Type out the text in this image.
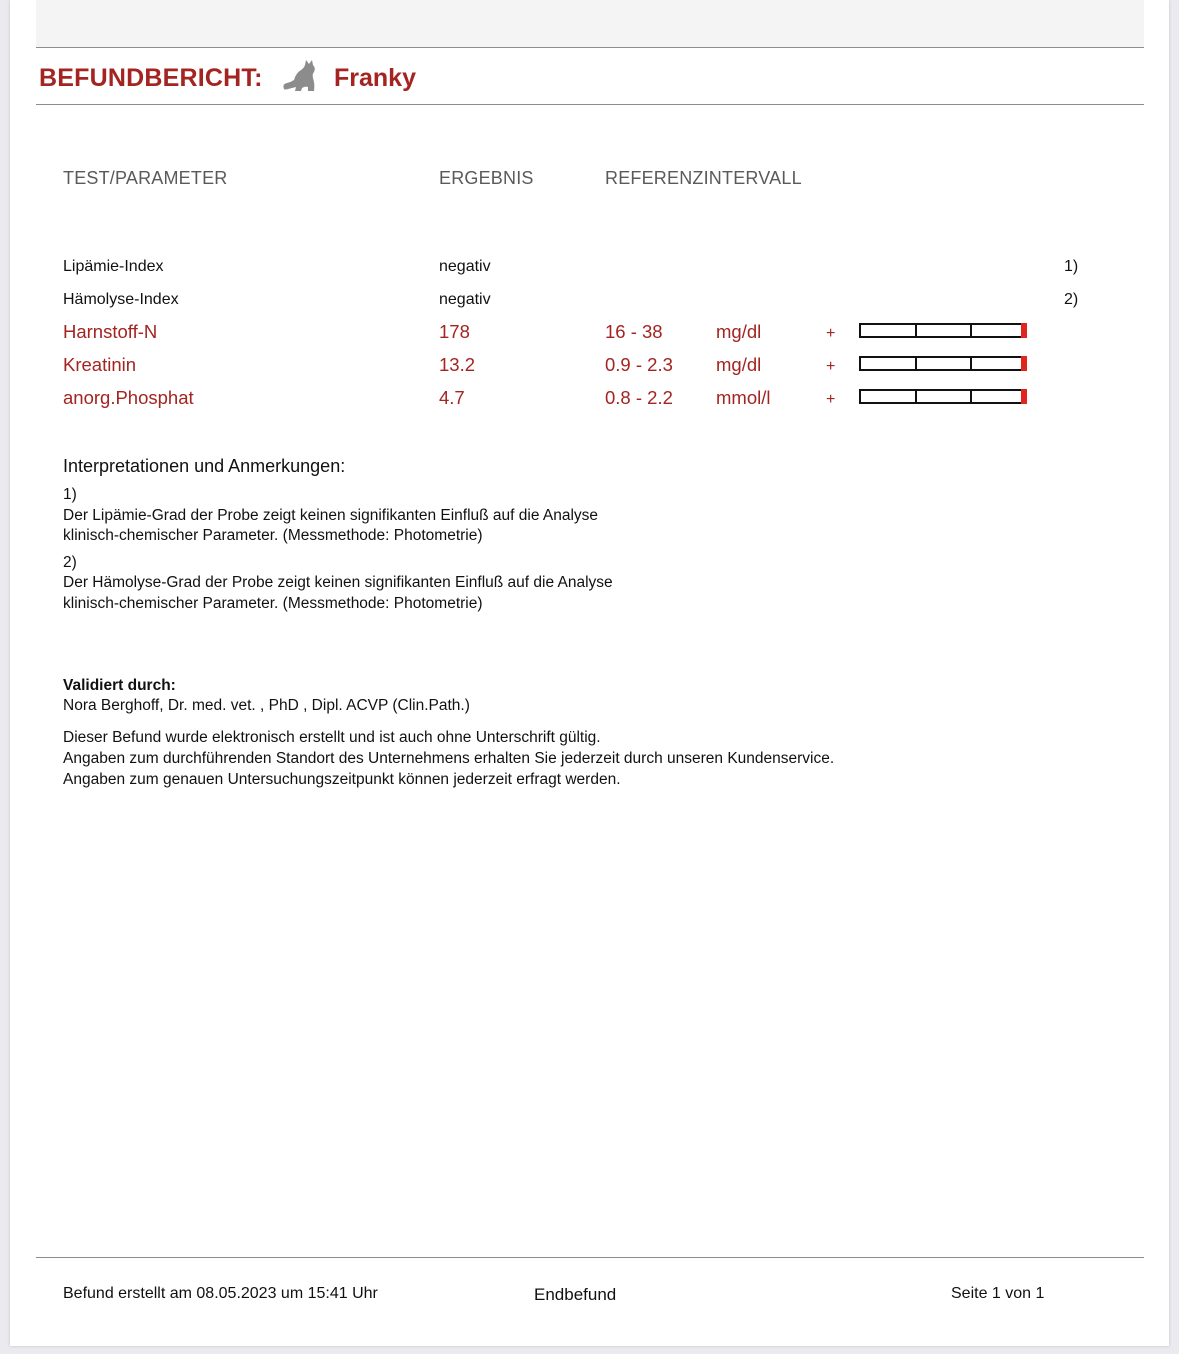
BEFUNDBERICHT:	Franky
TEST/PARAMETER	ERGEBNIS	REFERENZINTERVALL
Lipämie-Index	negativ	1)
Hämolyse-Index	negativ	2)
Harnstoff-N	178	16 - 38	mg/dl	+
Kreatinin	13.2	0.9 - 2.3 mg/dl	+
anorg.Phosphat	4.7	0.8 - 2.2 mmol/l	+
Interpretationen und Anmerkungen:
1)
Der Lipämie-Grad der Probe zeigt keinen signifikanten Einfluß auf die Analyse
klinisch-chemischer Parameter. (Messmethode: Photometrie)
2)
Der Hämolyse-Grad der Probe zeigt keinen signifikanten Einfluß auf die Analyse
klinisch-chemischer Parameter. (Messmethode: Photometrie)
Validiert durch:
Nora Berghoff, Dr. med. vet. , PhD , Dipl. ACVP (Clin.Path.)
Dieser Befund wurde elektronisch erstellt und ist auch ohne Unterschrift gültig.
Angaben zum durchführenden Standort des Unternehmens erhalten Sie jederzeit durch unseren Kundenservice.
Angaben zum genauen Untersuchungszeitpunkt können jederzeit erfragt werden.
Befund erstellt am 08.05.2023 um 15:41 Uhr	Endbefund	Seite 1 von 1
